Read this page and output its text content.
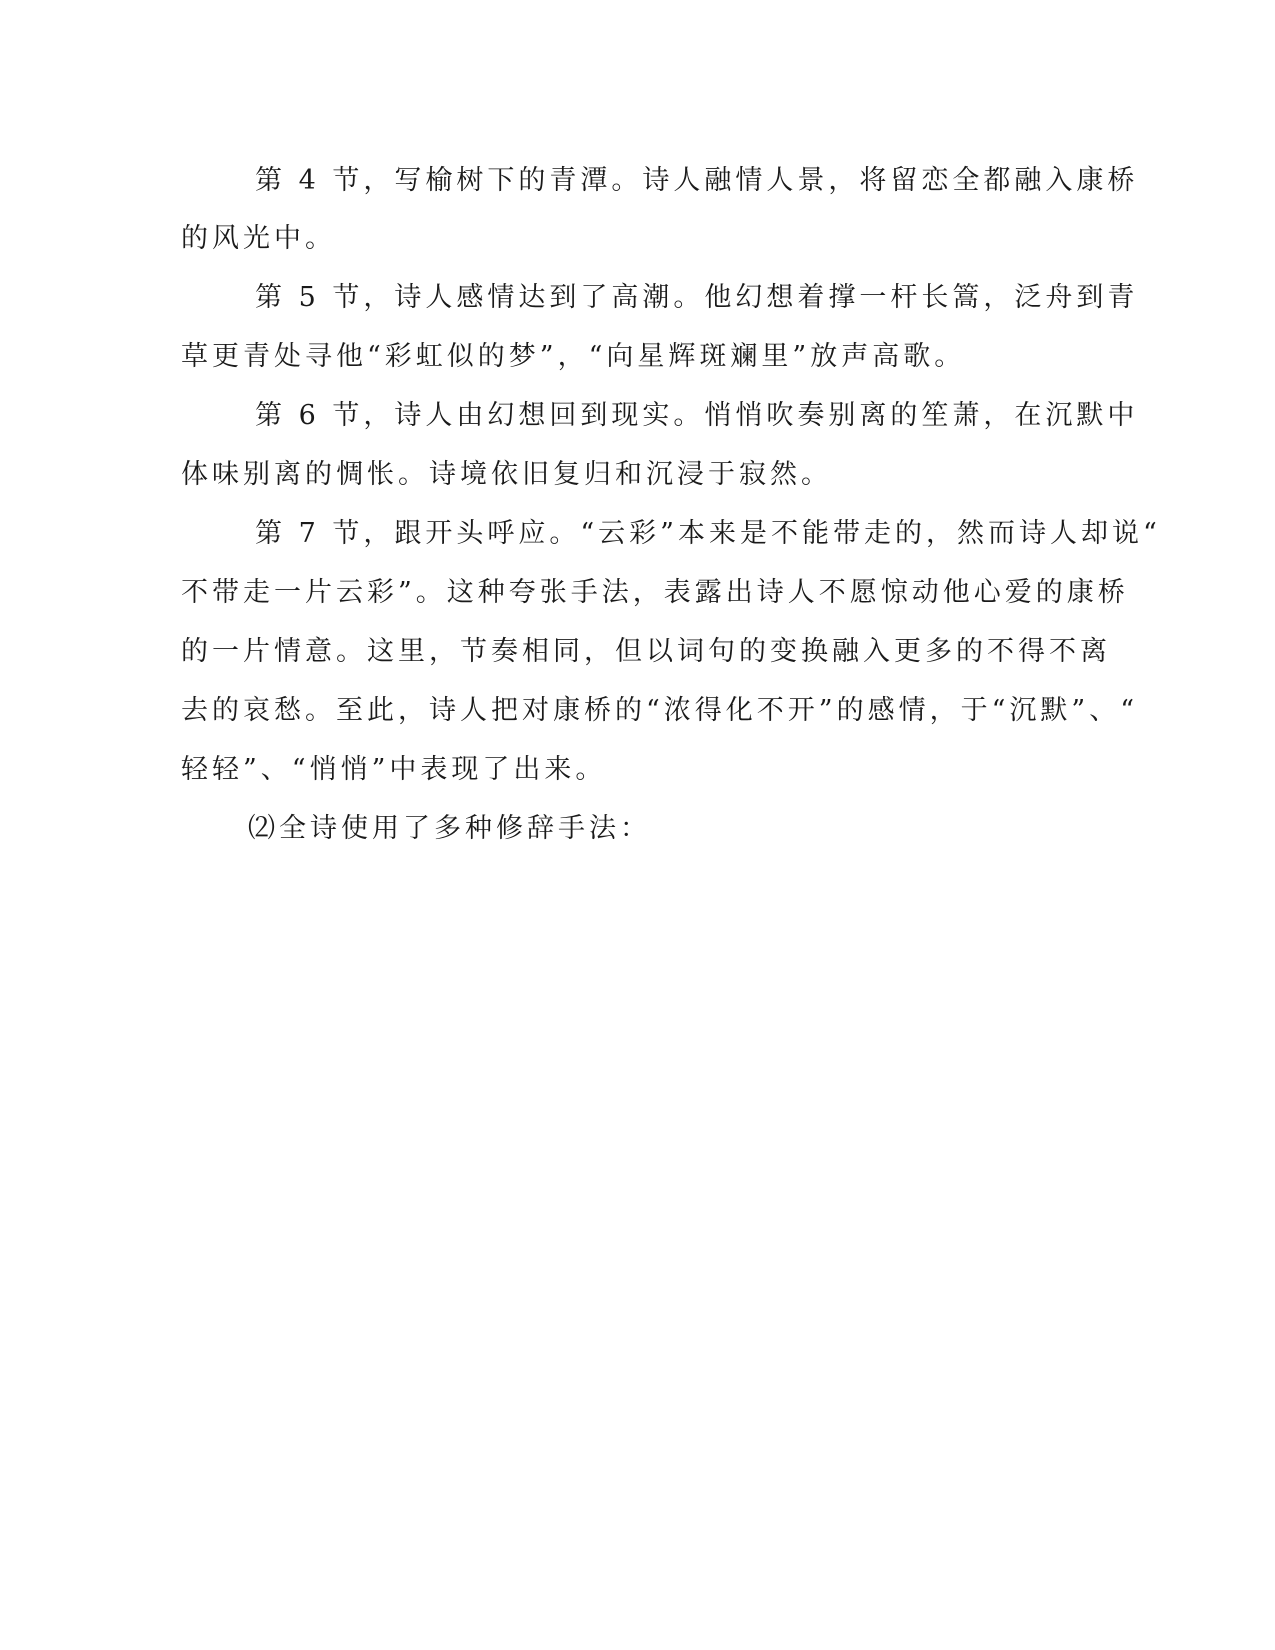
第 4 节，写榆树下的青潭。诗人融情人景，将留恋全都融入康桥
的风光中。
第 5 节，诗人感情达到了高潮。他幻想着撑一杆长篙，泛舟到青
草更青处寻他“彩虹似的梦”，“向星辉斑斓里”放声高歌。
第 6 节，诗人由幻想回到现实。悄悄吹奏别离的笙萧，在沉默中
体味别离的惆怅。诗境依旧复归和沉浸于寂然。
第 7 节，跟开头呼应。“云彩”本来是不能带走的，然而诗人却说“
不带走一片云彩”。这种夸张手法，表露出诗人不愿惊动他心爱的康桥
的一片情意。这里，节奏相同，但以词句的变换融入更多的不得不离
去的哀愁。至此，诗人把对康桥的“浓得化不开”的感情，于“沉默”、“
轻轻”、“悄悄”中表现了出来。
⑵全诗使用了多种修辞手法：
